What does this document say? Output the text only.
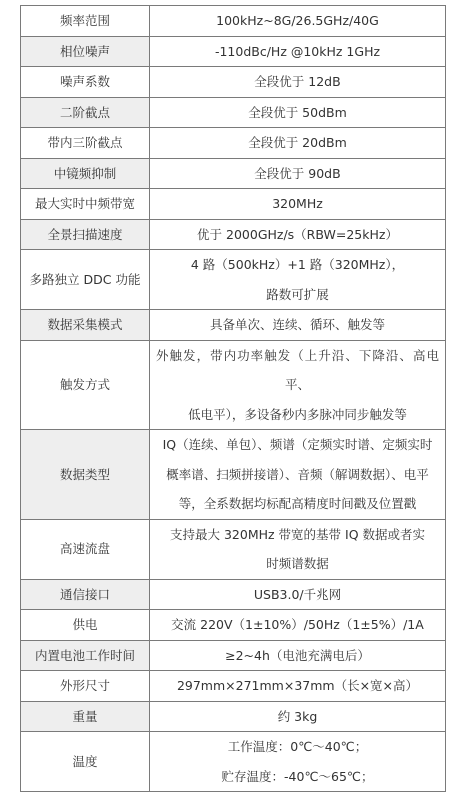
频率范围	100kHz~8G/26.5GHz/40G

相位噪声	-110dBc/Hz @10kHz 1GHz

噪声系数	全段优于 12dB

二阶截点	全段优于 50dBm

带内三阶截点	全段优于 20dBm

中镜频抑制	全段优于 90dB

最大实时中频带宽	320MHz

全景扫描速度	优于 2000GHz/s（RBW=25kHz）

多路独立 DDC 功能	4 路（500kHz）+1 路（320MHz），
路数可扩展

数据采集模式	具备单次、连续、循环、触发等

触发方式	外触发，带内功率触发（上升沿、下降沿、高电平、
低电平），多设备秒内多脉冲同步触发等

数据类型	IQ（连续、单包）、频谱（定频实时谱、定频实时
概率谱、扫频拼接谱）、音频（解调数据）、电平
等，全系数据均标配高精度时间戳及位置戳

高速流盘	支持最大 320MHz 带宽的基带 IQ 数据或者实
时频谱数据

通信接口	USB3.0/千兆网

供电	交流 220V（1±10%）/50Hz（1±5%）/1A

内置电池工作时间	≥2~4h（电池充满电后）

外形尺寸	297mm×271mm×37mm（长×宽×高）

重量	约 3kg

温度	工作温度：0℃～40℃；
贮存温度：-40℃～65℃；
